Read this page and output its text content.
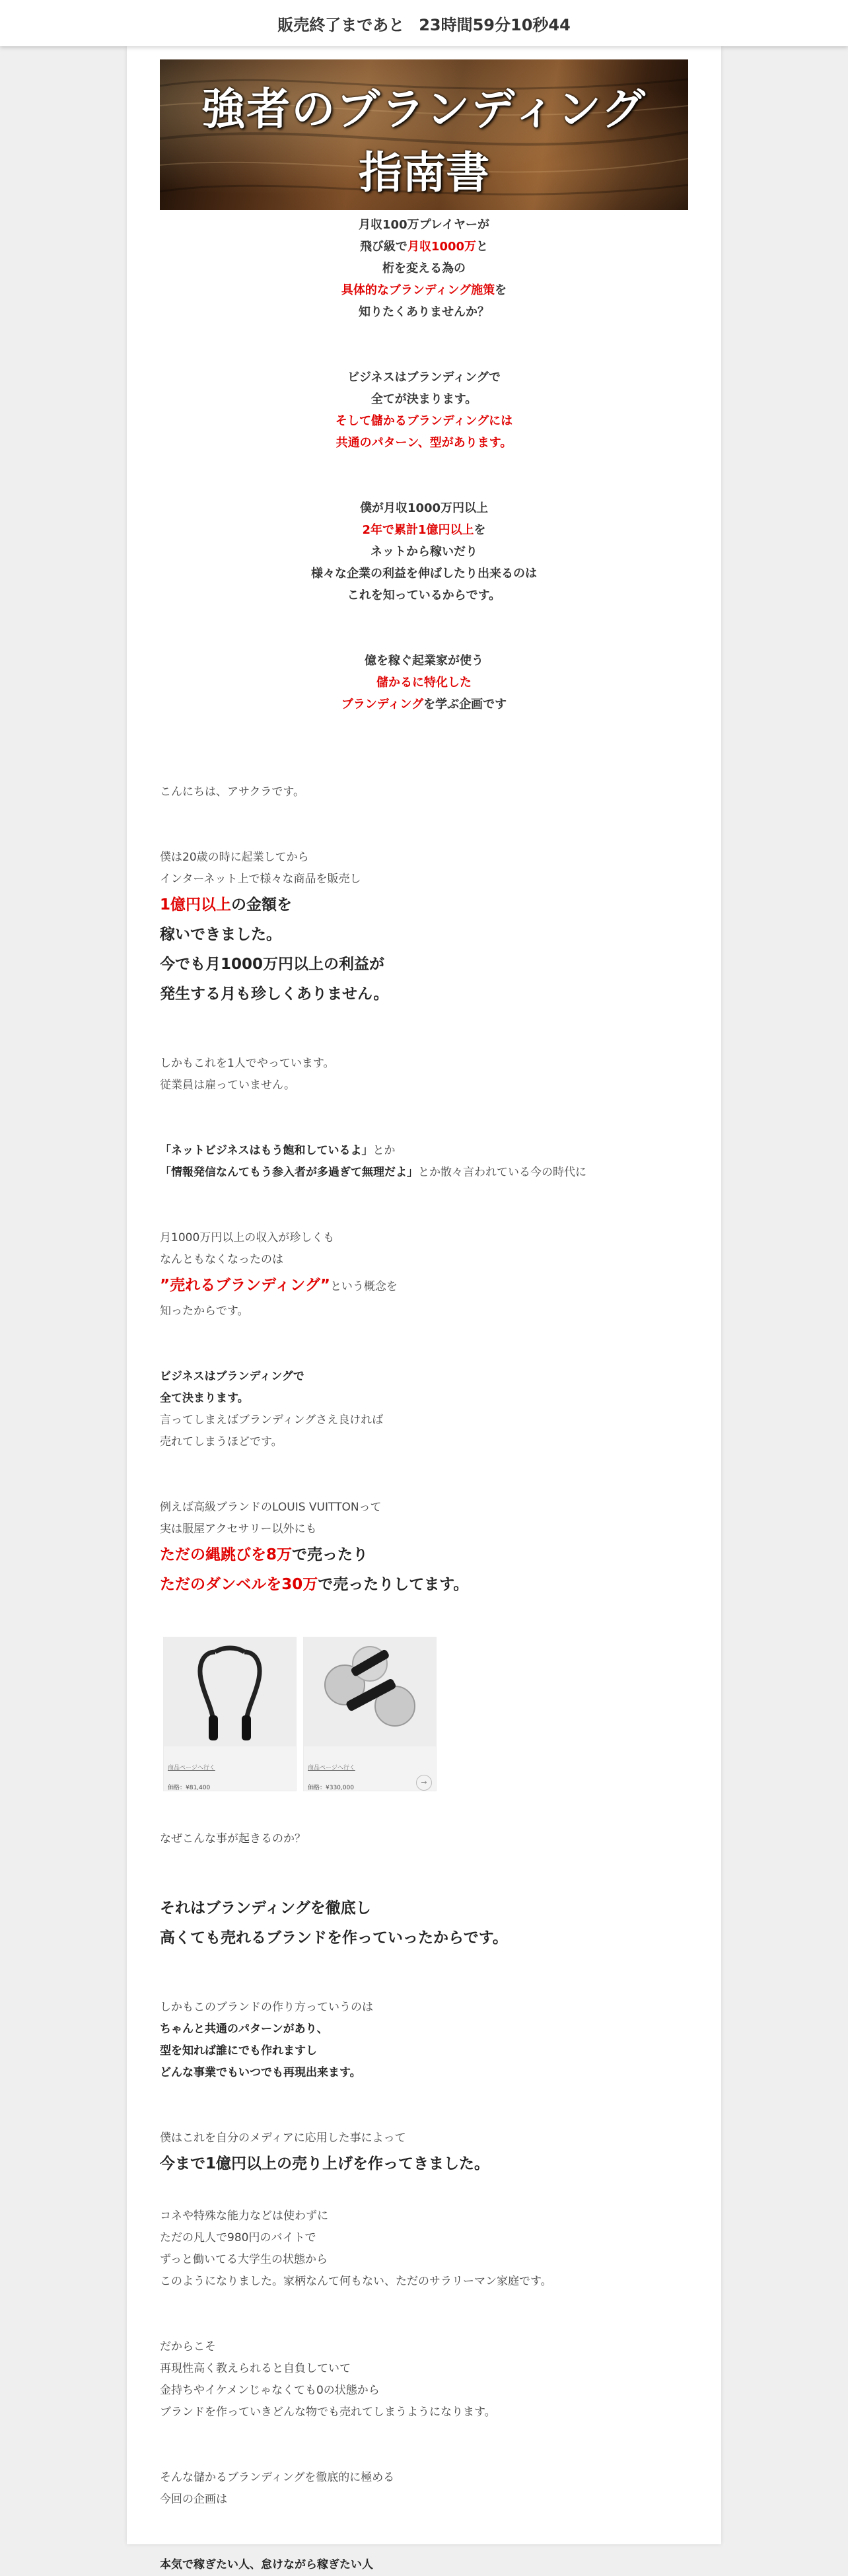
販売終了まであと 23時間59分10秒44
強者のブランディング
指南書

月収100万プレイヤーが

飛び級で月収1000万と

桁を変える為の

具体的なブランディング施策を

知りたくありませんか？

ビジネスはブランディングで

全てが決まります。

そして儲かるブランディングには

共通のパターン、型があります。

僕が月収1000万円以上

2年で累計1億円以上を

ネットから稼いだり

様々な企業の利益を伸ばしたり出来るのは

これを知っているからです。

億を稼ぐ起業家が使う

儲かるに特化した

ブランディングを学ぶ企画です

こんにちは、アサクラです。

僕は20歳の時に起業してから

インターネット上で様々な商品を販売し

1億円以上の金額を

稼いできました。

今でも月1000万円以上の利益が

発生する月も珍しくありません。

しかもこれを1人でやっています。

従業員は雇っていません。

「ネットビジネスはもう飽和しているよ」とか

「情報発信なんてもう参入者が多過ぎて無理だよ」とか散々言われている今の時代に

月1000万円以上の収入が珍しくも

なんともなくなったのは

”売れるブランディング”という概念を

知ったからです。

ビジネスはブランディングで

全て決まります。

言ってしまえばブランディングさえ良ければ

売れてしまうほどです。

例えば高級ブランドのLOUIS VUITTONって

実は服屋アクセサリー以外にも

ただの縄跳びを8万で売ったり

ただのダンベルを30万で売ったりしてます。

商品ページへ行く
価格：¥81,400
商品ページへ行く
価格：¥330,000
→

なぜこんな事が起きるのか？

それはブランディングを徹底し

高くても売れるブランドを作っていったからです。

しかもこのブランドの作り方っていうのは

ちゃんと共通のパターンがあり、

型を知れば誰にでも作れますし

どんな事業でもいつでも再現出来ます。

僕はこれを自分のメディアに応用した事によって

今まで1億円以上の売り上げを作ってきました。

コネや特殊な能力などは使わずに

ただの凡人で980円のバイトで

ずっと働いてる大学生の状態から

このようになりました。家柄なんて何もない、ただのサラリーマン家庭です。

だからこそ

再現性高く教えられると自負していて

金持ちやイケメンじゃなくても0の状態から

ブランドを作っていきどんな物でも売れてしまうようになります。

そんな儲かるブランディングを徹底的に極める

今回の企画は

本気で稼ぎたい人、怠けながら稼ぎたい人
